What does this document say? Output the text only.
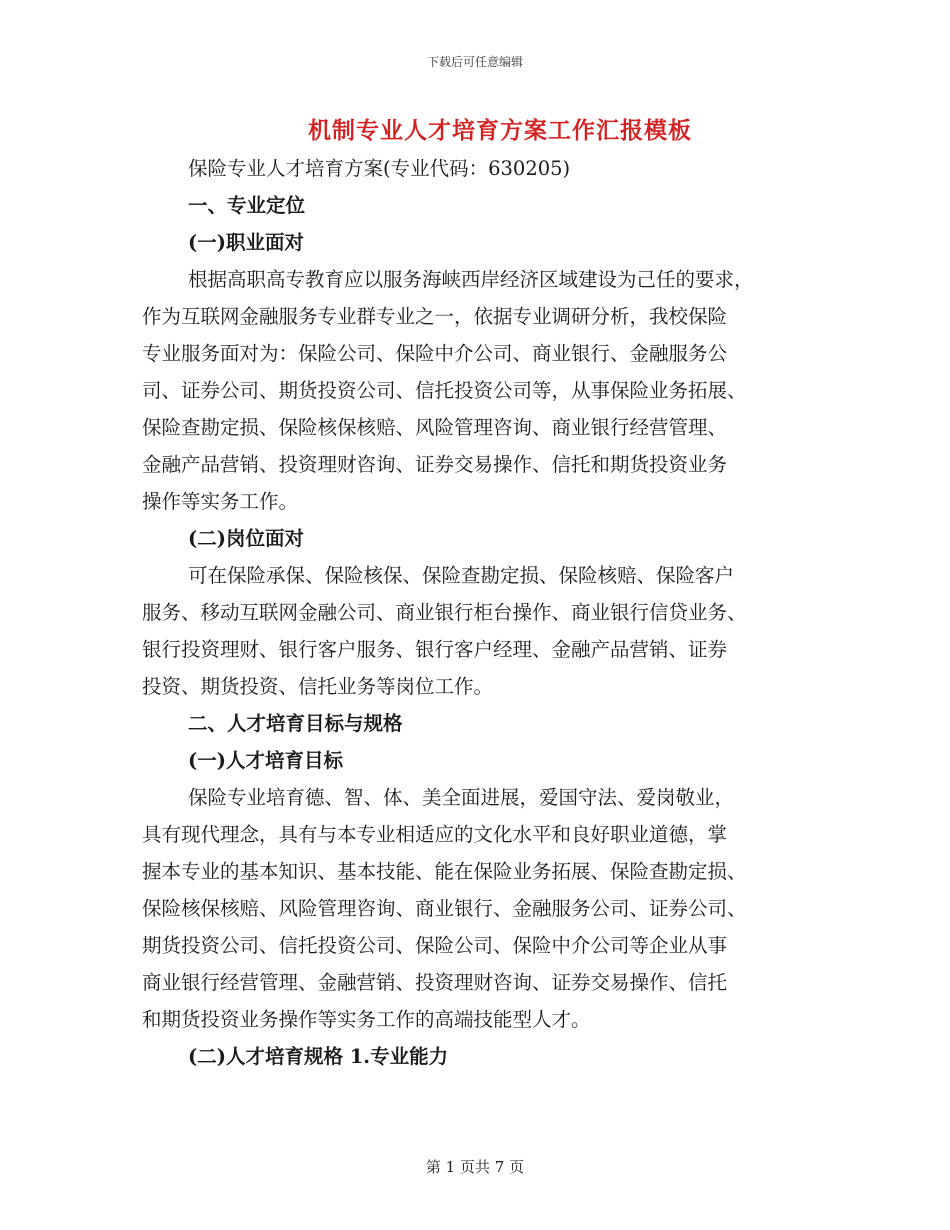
下载后可任意编辑
机制专业人才培育方案工作汇报模板
保险专业人才培育方案(专业代码：630205)
一、专业定位
(一)职业面对
根据高职高专教育应以服务海峡西岸经济区域建设为己任的要求，
作为互联网金融服务专业群专业之一，依据专业调研分析，我校保险
专业服务面对为：保险公司、保险中介公司、商业银行、金融服务公
司、证券公司、期货投资公司、信托投资公司等，从事保险业务拓展、
保险查勘定损、保险核保核赔、风险管理咨询、商业银行经营管理、
金融产品营销、投资理财咨询、证券交易操作、信托和期货投资业务
操作等实务工作。
(二)岗位面对
可在保险承保、保险核保、保险查勘定损、保险核赔、保险客户
服务、移动互联网金融公司、商业银行柜台操作、商业银行信贷业务、
银行投资理财、银行客户服务、银行客户经理、金融产品营销、证券
投资、期货投资、信托业务等岗位工作。
二、人才培育目标与规格
(一)人才培育目标
保险专业培育德、智、体、美全面进展，爱国守法、爱岗敬业，
具有现代理念，具有与本专业相适应的文化水平和良好职业道德，掌
握本专业的基本知识、基本技能、能在保险业务拓展、保险查勘定损、
保险核保核赔、风险管理咨询、商业银行、金融服务公司、证券公司、
期货投资公司、信托投资公司、保险公司、保险中介公司等企业从事
商业银行经营管理、金融营销、投资理财咨询、证券交易操作、信托
和期货投资业务操作等实务工作的高端技能型人才。
(二)人才培育规格 1.专业能力
第 1 页共 7 页
